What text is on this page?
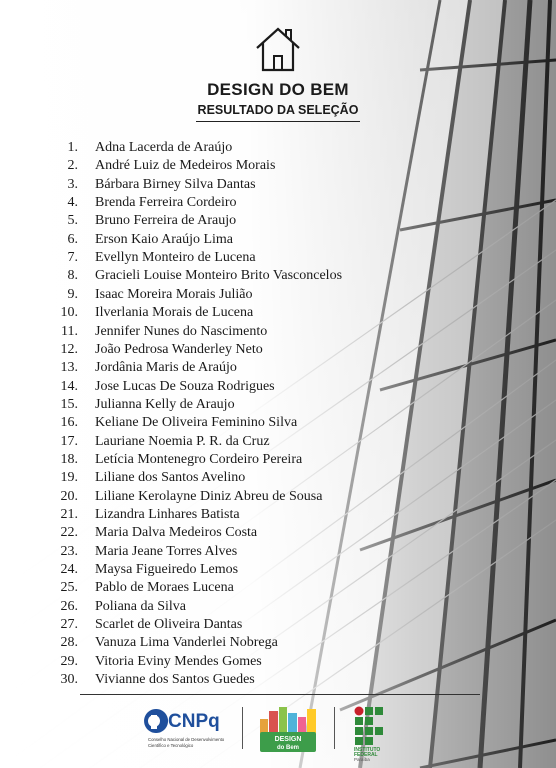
DESIGN DO BEM
RESULTADO DA SELEÇÃO
1. Adna Lacerda de Araújo
2. André Luiz de Medeiros Morais
3. Bárbara Birney Silva Dantas
4. Brenda Ferreira Cordeiro
5. Bruno Ferreira de Araujo
6. Erson Kaio Araújo Lima
7. Evellyn Monteiro de Lucena
8. Gracieli Louise Monteiro Brito Vasconcelos
9. Isaac Moreira Morais Julião
10. Ilverlania Morais de Lucena
11. Jennifer Nunes do Nascimento
12. João Pedrosa Wanderley Neto
13. Jordânia Maris de Araújo
14. Jose Lucas De Souza Rodrigues
15. Julianna Kelly de Araujo
16. Keliane De Oliveira Feminino Silva
17. Lauriane Noemia P. R. da Cruz
18. Letícia Montenegro Cordeiro Pereira
19. Liliane dos Santos Avelino
20. Liliane Kerolayne Diniz Abreu de Sousa
21. Lizandra Linhares Batista
22. Maria Dalva Medeiros Costa
23. Maria Jeane Torres Alves
24. Maysa Figueiredo Lemos
25. Pablo de Moraes Lucena
26. Poliana da Silva
27. Scarlet de Oliveira Dantas
28. Vanuza Lima Vanderlei Nobrega
29. Vitoria Eviny Mendes Gomes
30. Vivianne dos Santos Guedes
CNPq
Conselho Nacional de Desenvolvimento
Científico e Tecnológico
DESIGN
do Bem	INSTITUTO
FEDERAL
Paraíba
